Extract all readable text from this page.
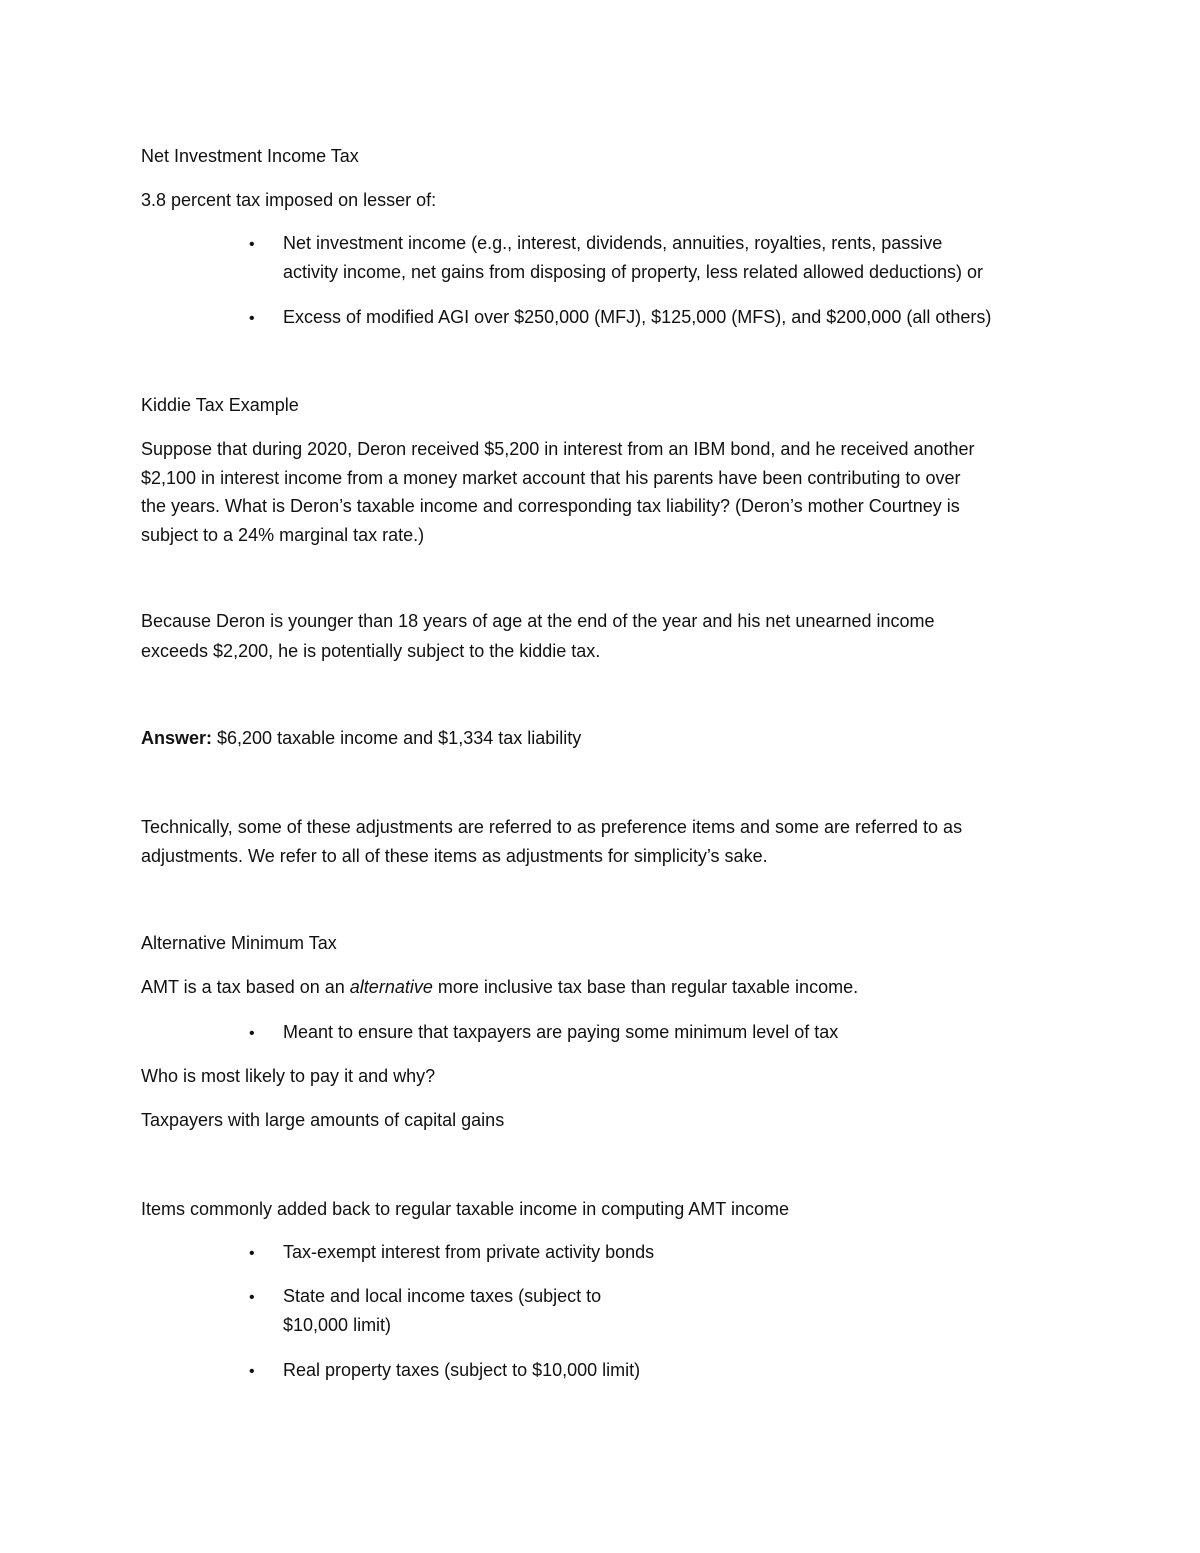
Net Investment Income Tax

3.8 percent tax imposed on lesser of:

• Net investment income (e.g., interest, dividends, annuities, royalties, rents, passive

activity income, net gains from disposing of property, less related allowed deductions) or

• Excess of modified AGI over $250,000 (MFJ), $125,000 (MFS), and $200,000 (all others)

Kiddie Tax Example

Suppose that during 2020, Deron received $5,200 in interest from an IBM bond, and he received another

$2,100 in interest income from a money market account that his parents have been contributing to over

the years. What is Deron’s taxable income and corresponding tax liability? (Deron’s mother Courtney is

subject to a 24% marginal tax rate.)

Because Deron is younger than 18 years of age at the end of the year and his net unearned income

exceeds $2,200, he is potentially subject to the kiddie tax.

Answer: $6,200 taxable income and $1,334 tax liability

Technically, some of these adjustments are referred to as preference items and some are referred to as

adjustments. We refer to all of these items as adjustments for simplicity’s sake.

Alternative Minimum Tax

AMT is a tax based on an alternative more inclusive tax base than regular taxable income.

• Meant to ensure that taxpayers are paying some minimum level of tax

Who is most likely to pay it and why?

Taxpayers with large amounts of capital gains

Items commonly added back to regular taxable income in computing AMT income

• Tax-exempt interest from private activity bonds

• State and local income taxes (subject to

$10,000 limit)

• Real property taxes (subject to $10,000 limit)
